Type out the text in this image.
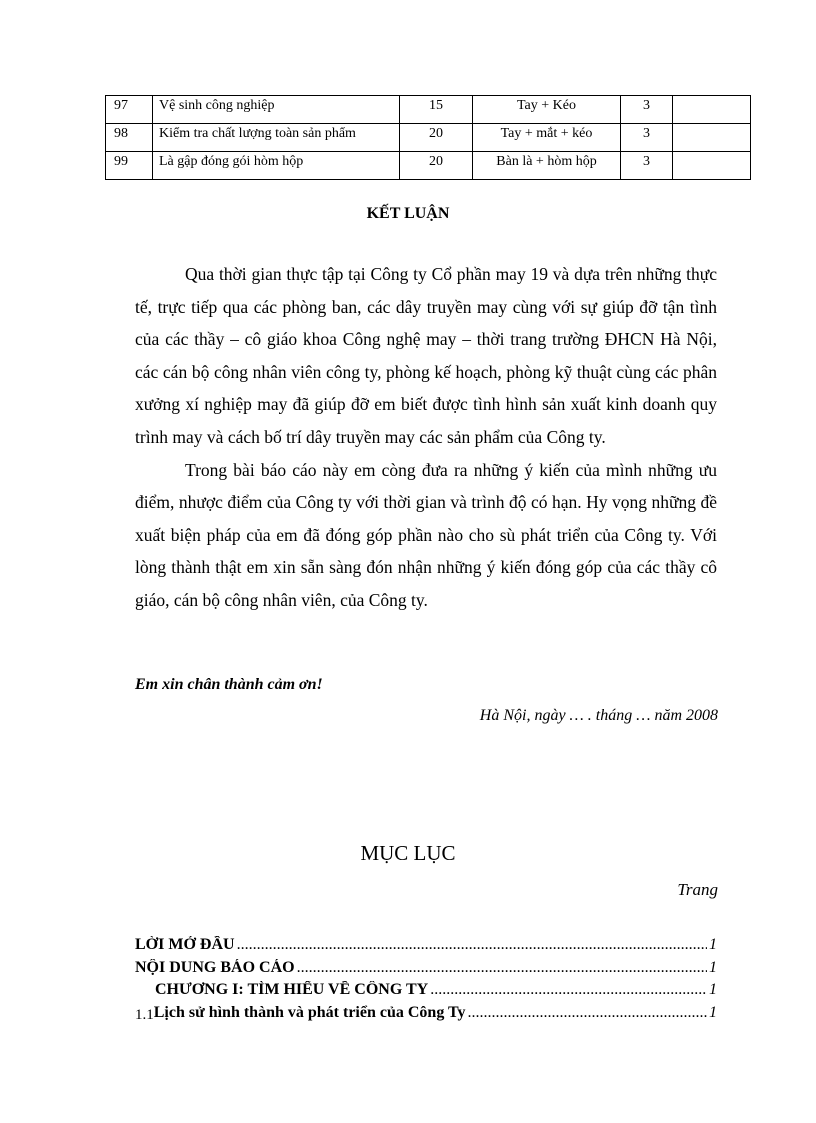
97	Vệ sinh công nghiệp	15	Tay + Kéo	3	
98	Kiểm tra chất lượng toàn sản phẩm	20	Tay + mắt + kéo	3	
99	Là gập đóng gói hòm hộp	20	Bàn là + hòm hộp	3	
KẾT LUẬN

Qua thời gian thực tập tại Công ty Cổ phần may 19 và dựa trên những thực tế, trực tiếp qua các phòng ban, các dây truyền may cùng với sự giúp đỡ tận tình của các thầy – cô giáo khoa Công nghệ may – thời trang trường ĐHCN Hà Nội, các cán bộ công nhân viên công ty, phòng kế hoạch, phòng kỹ thuật cùng các phân xưởng xí nghiệp may đã giúp đỡ em biết được tình hình sản xuất kinh doanh quy trình may và cách bố trí dây truyền may các sản phẩm của Công ty.

Trong bài báo cáo này em còng đưa ra những ý kiến của mình những ưu điểm, nhược điểm của Công ty với thời gian và trình độ có hạn. Hy vọng những đề xuất biện pháp của em đã đóng góp phần nào cho sù phát triển của Công ty. Với lòng thành thật em xin sẵn sàng đón nhận những ý kiến đóng góp của các thầy cô giáo, cán bộ công nhân viên, của Công ty.

Em xin chân thành cảm ơn!

Hà Nội, ngày … . tháng … năm 2008

MỤC LỤC

Trang

LỜI MỞ ĐẦU .....	1
NỘI DUNG BÁO CÁO .....	1
CHƯƠNG I: TÌM HIỂU VỀ CÔNG TY .....	1
1.1 Lịch sử hình thành và phát triển của Công Ty .....	1
